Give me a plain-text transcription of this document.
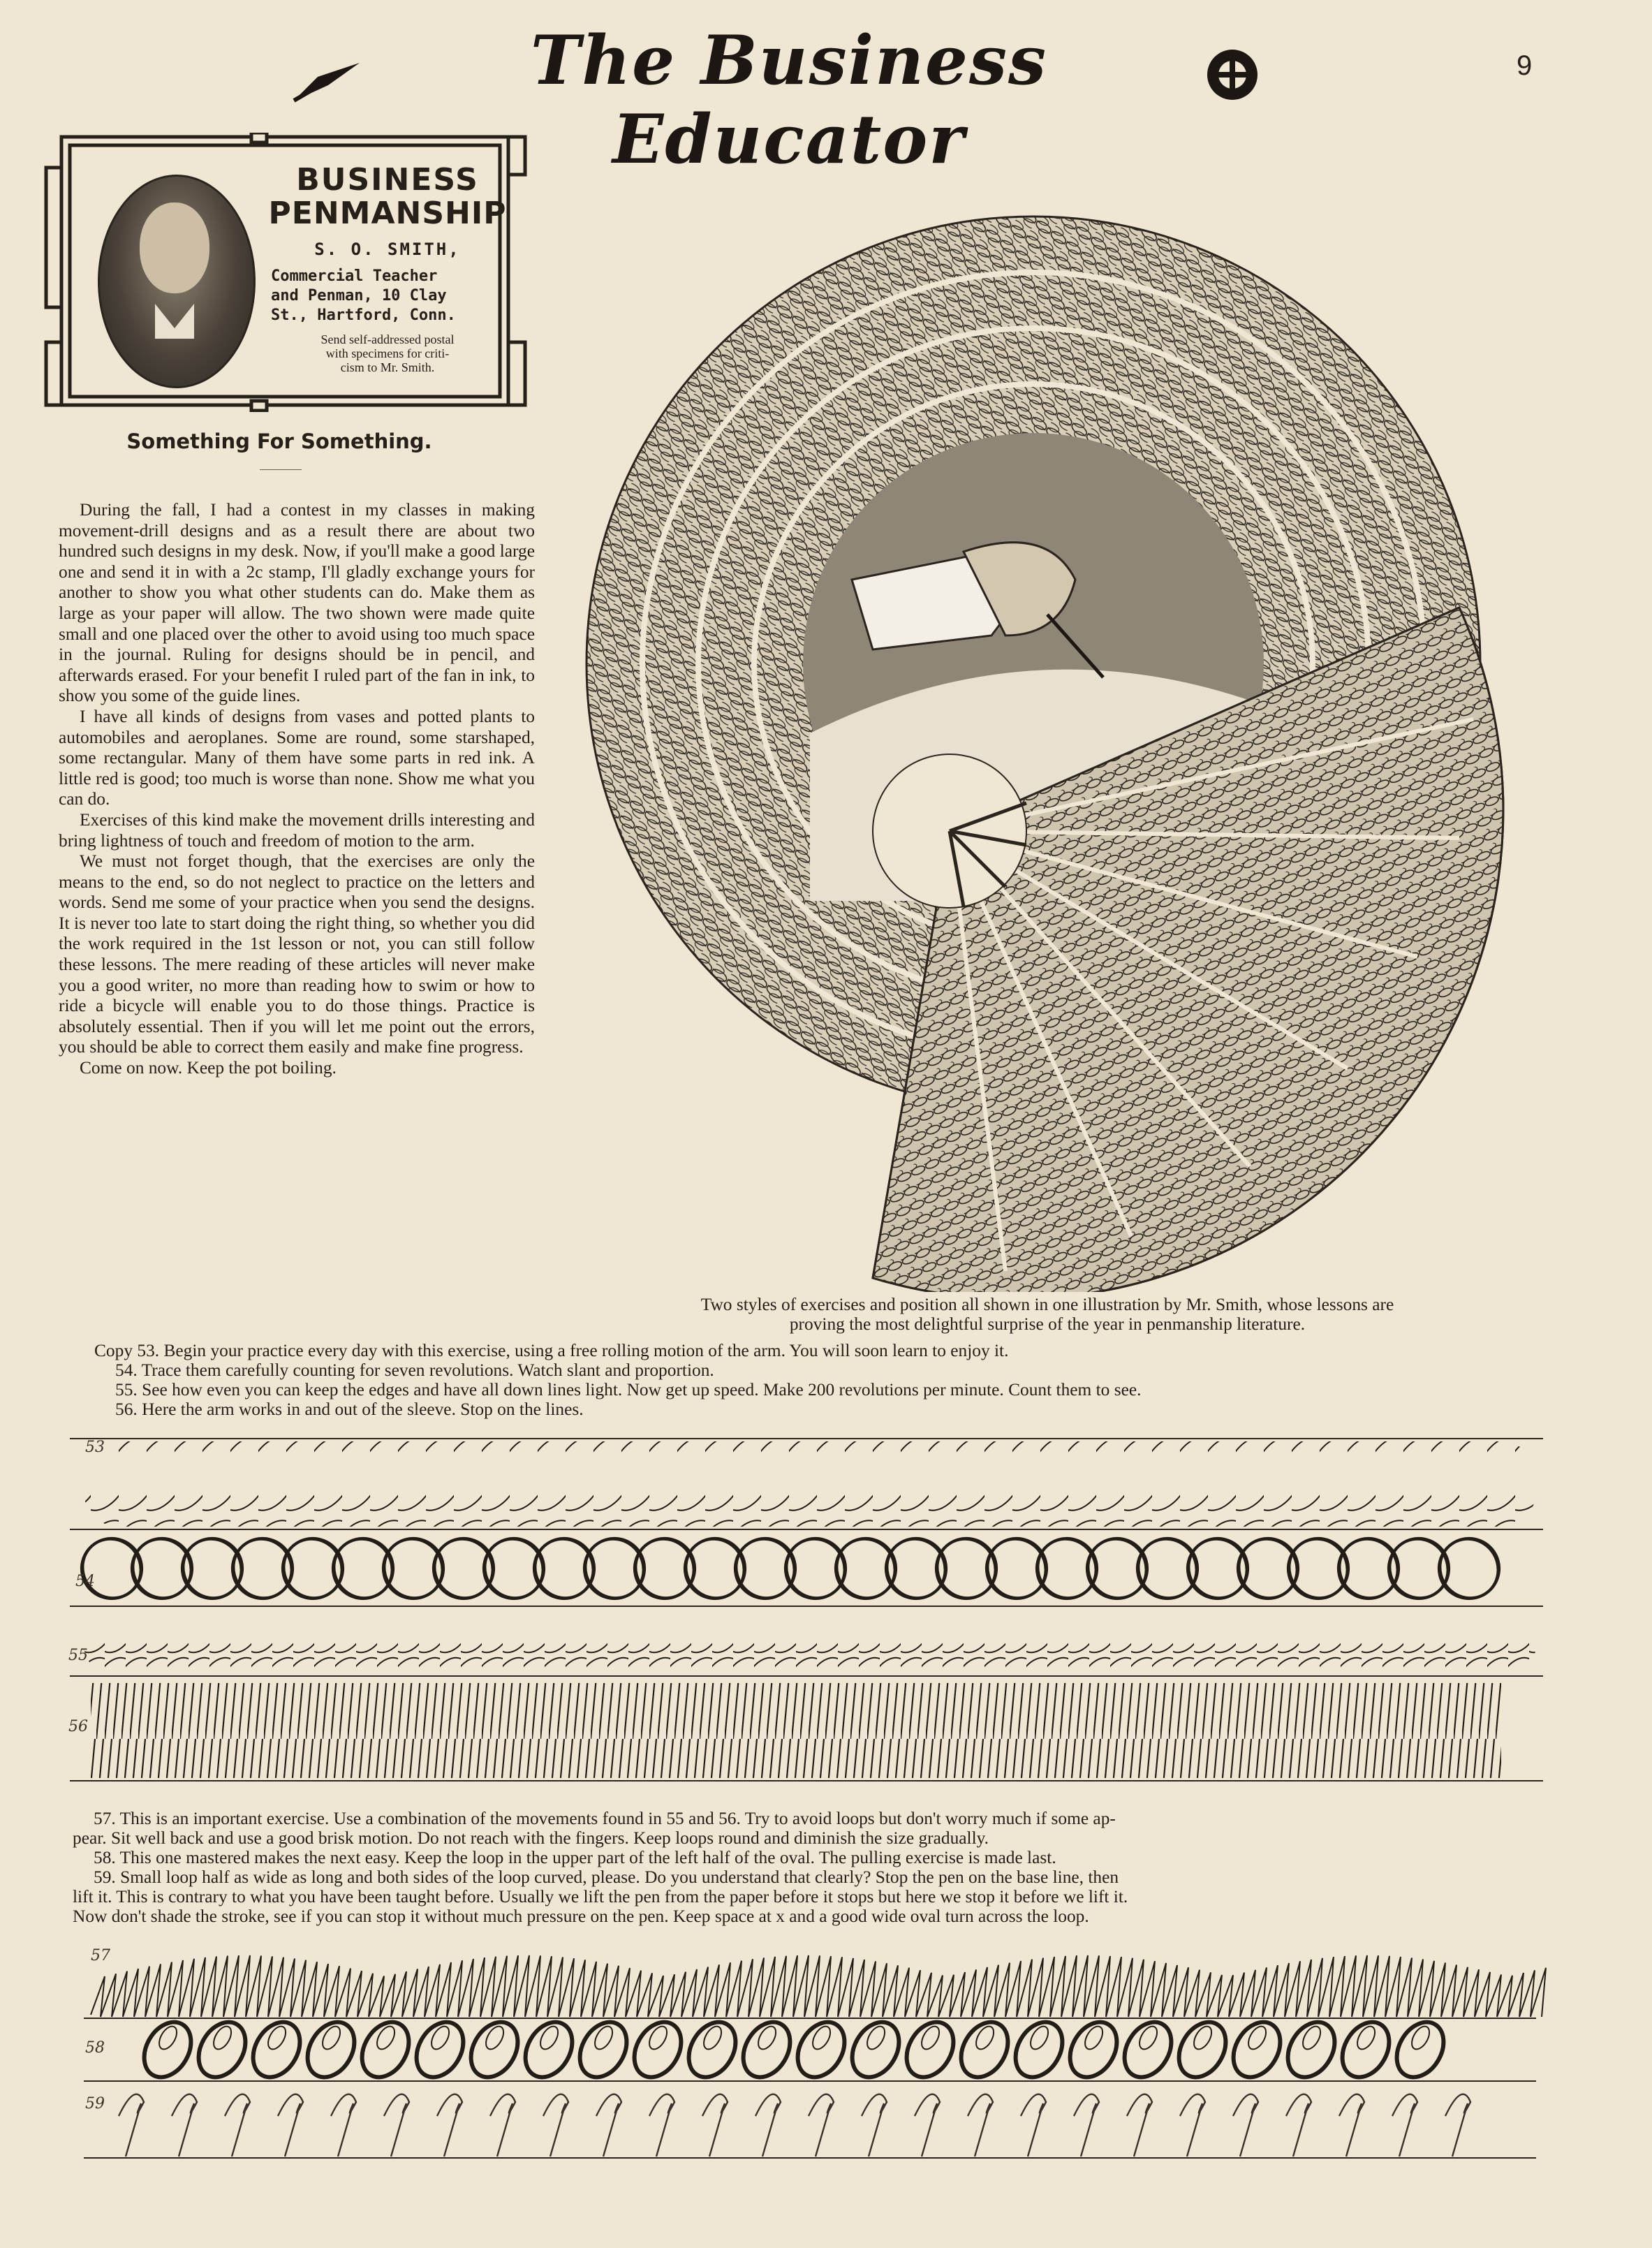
The Business Educator
9
BUSINESS
PENMANSHIP
S. O. SMITH,
Commercial Teacher
and Penman, 10 Clay
St., Hartford, Conn.
Send self-addressed postal
with specimens for criti-
cism to Mr. Smith.
Something For Something.

During the fall, I had a contest in my classes in making movement-drill designs and as a result there are about two hundred such designs in my desk. Now, if you'll make a good large one and send it in with a 2c stamp, I'll gladly exchange yours for another to show you what other students can do. Make them as large as your paper will allow. The two shown were made quite small and one placed over the other to avoid using too much space in the journal. Ruling for designs should be in pencil, and afterwards erased. For your benefit I ruled part of the fan in ink, to show you some of the guide lines.

I have all kinds of designs from vases and potted plants to automobiles and aeroplanes. Some are round, some starshaped, some rectangular. Many of them have some parts in red ink. A little red is good; too much is worse than none. Show me what you can do.

Exercises of this kind make the movement drills interesting and bring lightness of touch and freedom of motion to the arm.

We must not forget though, that the exercises are only the means to the end, so do not neglect to practice on the letters and words. Send me some of your practice when you send the designs. It is never too late to start doing the right thing, so whether you did the work required in the 1st lesson or not, you can still follow these lessons. The mere reading of these articles will never make you a good writer, no more than reading how to swim or how to ride a bicycle will enable you to do those things. Practice is absolutely essential. Then if you will let me point out the errors, you should be able to correct them easily and make fine progress.

Come on now. Keep the pot boiling.

Two styles of exercises and position all shown in one illustration by Mr. Smith, whose lessons are
proving the most delightful surprise of the year in penmanship literature.
Copy 53. Begin your practice every day with this exercise, using a free rolling motion of the arm. You will soon learn to enjoy it.
54. Trace them carefully counting for seven revolutions. Watch slant and proportion.
55. See how even you can keep the edges and have all down lines light. Now get up speed. Make 200 revolutions per minute. Count them to see.
56. Here the arm works in and out of the sleeve. Stop on the lines.
53
54
55
56
57. This is an important exercise. Use a combination of the movements found in 55 and 56. Try to avoid loops but don't worry much if some ap-
pear. Sit well back and use a good brisk motion. Do not reach with the fingers. Keep loops round and diminish the size gradually.
58. This one mastered makes the next easy. Keep the loop in the upper part of the left half of the oval. The pulling exercise is made last.
59. Small loop half as wide as long and both sides of the loop curved, please. Do you understand that clearly? Stop the pen on the base line, then
lift it. This is contrary to what you have been taught before. Usually we lift the pen from the paper before it stops but here we stop it before we lift it.
Now don't shade the stroke, see if you can stop it without much pressure on the pen. Keep space at x and a good wide oval turn across the loop.
57
58
59
